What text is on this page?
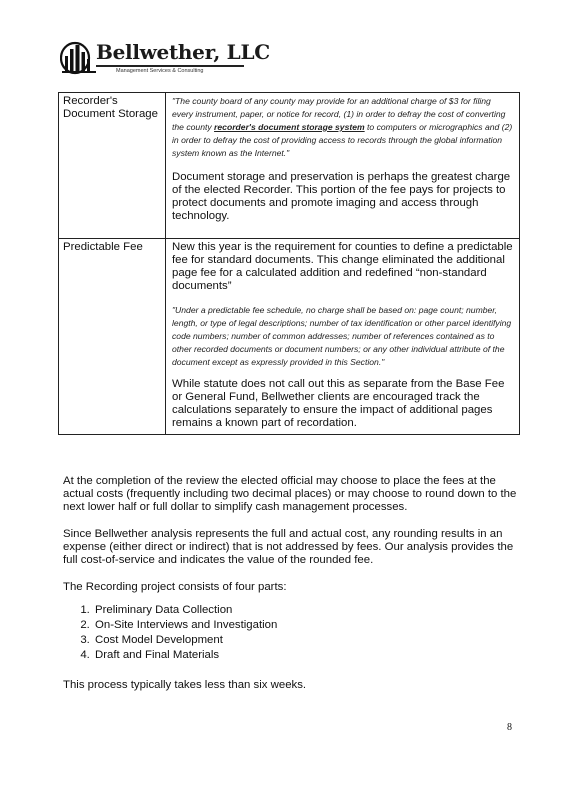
Bellwether, LLC
Management Services & Consulting
Recorder's Document Storage	"The county board of any county may provide for an additional charge of $3 for filing every instrument, paper, or notice for record, (1) in order to defray the cost of converting the county recorder's document storage system to computers or micrographics and (2) in order to defray the cost of providing access to records through the global information system known as the Internet."

Document storage and preservation is perhaps the greatest charge of the elected Recorder. This portion of the fee pays for projects to protect documents and promote imaging and access through technology.

Predictable Fee	New this year is the requirement for counties to define a predictable fee for standard documents. This change eliminated the additional page fee for a calculated addition and redefined “non-standard documents”

"Under a predictable fee schedule, no charge shall be based on: page count; number, length, or type of legal descriptions; number of tax identification or other parcel identifying code numbers; number of common addresses; number of references contained as to other recorded documents or document numbers; or any other individual attribute of the document except as expressly provided in this Section."

While statute does not call out this as separate from the Base Fee or General Fund, Bellwether clients are encouraged track the calculations separately to ensure the impact of additional pages remains a known part of recordation.

At the completion of the review the elected official may choose to place the fees at the actual costs (frequently including two decimal places) or may choose to round down to the next lower half or full dollar to simplify cash management processes.

Since Bellwether analysis represents the full and actual cost, any rounding results in an expense (either direct or indirect) that is not addressed by fees. Our analysis provides the full cost-of-service and indicates the value of the rounded fee.

The Recording project consists of four parts:

1. Preliminary Data Collection
2. On-Site Interviews and Investigation
3. Cost Model Development
4. Draft and Final Materials

This process typically takes less than six weeks.

8
